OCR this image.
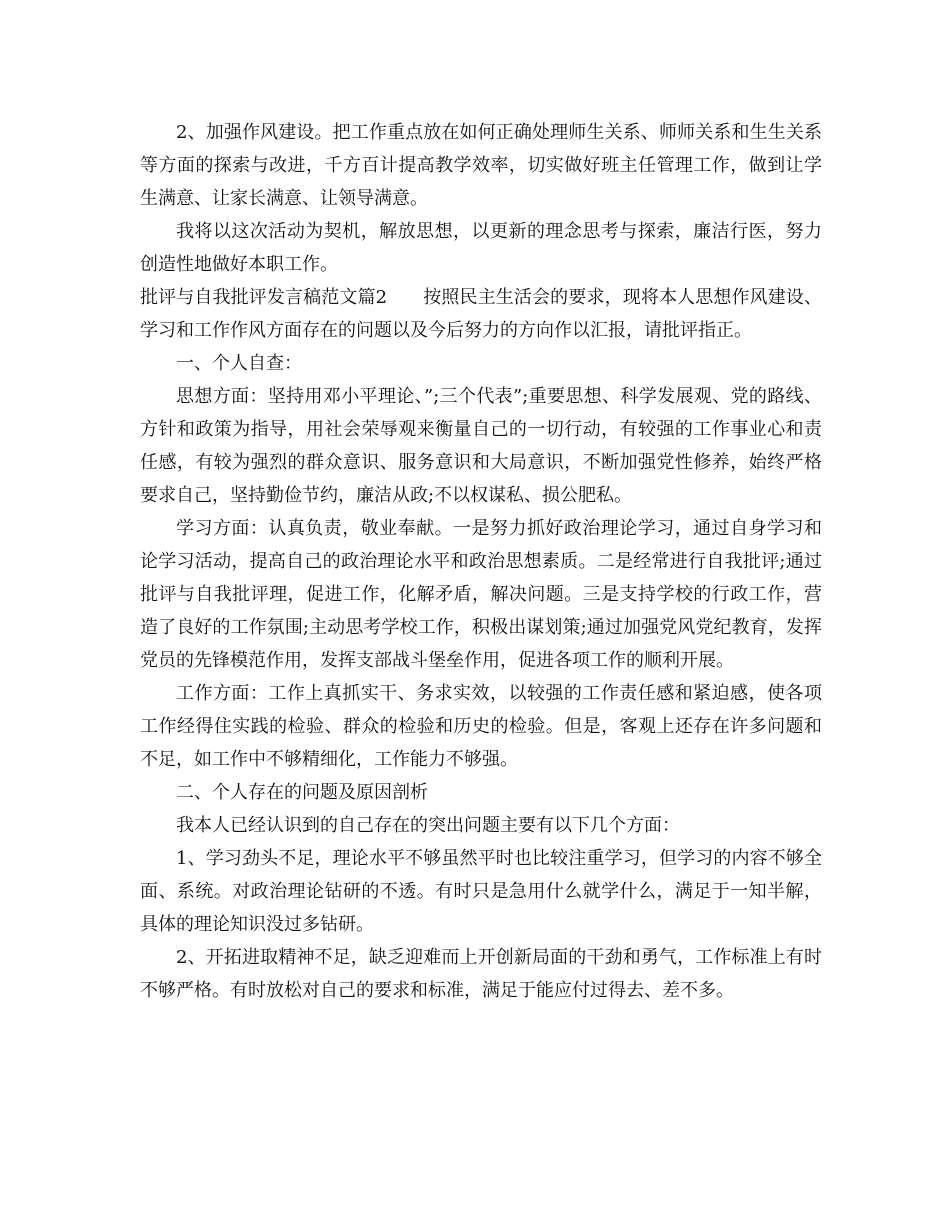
2、加强作风建设。把工作重点放在如何正确处理师生关系、师师关系和生生关系等方面的探索与改进，千方百计提高教学效率，切实做好班主任管理工作，做到让学生满意、让家长满意、让领导满意。

我将以这次活动为契机，解放思想，以更新的理念思考与探索，廉洁行医，努力创造性地做好本职工作。

批评与自我批评发言稿范文篇2 按照民主生活会的要求，现将本人思想作风建设、学习和工作作风方面存在的问题以及今后努力的方向作以汇报，请批评指正。

一、个人自查：

思想方面：坚持用邓小平理论、”;三个代表”;重要思想、科学发展观、党的路线、方针和政策为指导，用社会荣辱观来衡量自己的一切行动，有较强的工作事业心和责任感，有较为强烈的群众意识、服务意识和大局意识，不断加强党性修养，始终严格要求自己，坚持勤俭节约，廉洁从政;不以权谋私、损公肥私。

学习方面：认真负责，敬业奉献。一是努力抓好政治理论学习，通过自身学习和论学习活动，提高自己的政治理论水平和政治思想素质。二是经常进行自我批评;通过批评与自我批评理，促进工作，化解矛盾，解决问题。三是支持学校的行政工作，营造了良好的工作氛围;主动思考学校工作，积极出谋划策;通过加强党风党纪教育，发挥党员的先锋模范作用，发挥支部战斗堡垒作用，促进各项工作的顺利开展。

工作方面：工作上真抓实干、务求实效，以较强的工作责任感和紧迫感，使各项工作经得住实践的检验、群众的检验和历史的检验。但是，客观上还存在许多问题和不足，如工作中不够精细化，工作能力不够强。

二、个人存在的问题及原因剖析

我本人已经认识到的自己存在的突出问题主要有以下几个方面：

1、学习劲头不足，理论水平不够虽然平时也比较注重学习，但学习的内容不够全面、系统。对政治理论钻研的不透。有时只是急用什么就学什么，满足于一知半解，具体的理论知识没过多钻研。

2、开拓进取精神不足，缺乏迎难而上开创新局面的干劲和勇气，工作标准上有时不够严格。有时放松对自己的要求和标准，满足于能应付过得去、差不多。
